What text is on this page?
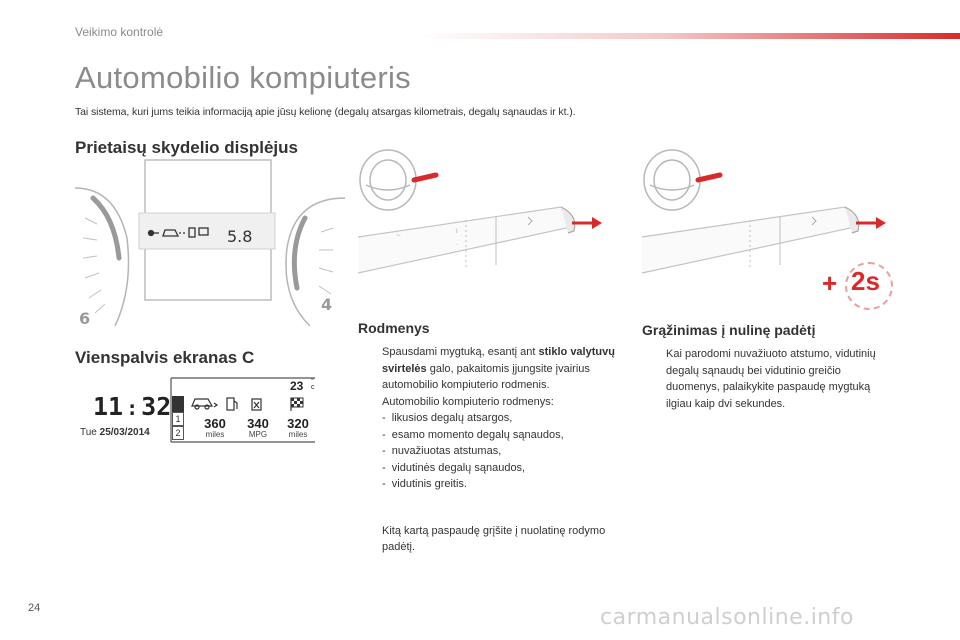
Veikimo kontrolė
Automobilio kompiuteris
Tai sistema, kuri jums teikia informaciją apie jūsų kelionę (degalų atsargas kilometrais, degalų sąnaudas ir kt.).
Prietaisų skydelio displėjus
6
4
5.8
Vienspalvis ekranas C
11 : 32
Tue 25/03/2014
23 °
c
1
2
360
miles
340
MPG
320
miles
~
I
.
.
+ 2s
Rodmenys
Spausdami mygtuką, esantį ant stiklo valytuvų svirtelės galo, pakaitomis įjungsite įvairius automobilio kompiuterio rodmenis.
Automobilio kompiuterio rodmenys:
- likusios degalų atsargos,
- esamo momento degalų sąnaudos,
- nuvažiuotas atstumas,
- vidutinės degalų sąnaudos,
- vidutinis greitis.
Kitą kartą paspaudę grįšite į nuolatinę rodymo padėtį.
Grąžinimas į nulinę padėtį
Kai parodomi nuvažiuoto atstumo, vidutinių degalų sąnaudų bei vidutinio greičio duomenys, palaikykite paspaudę mygtuką ilgiau kaip dvi sekundes.
24	carmanualsonline.info
